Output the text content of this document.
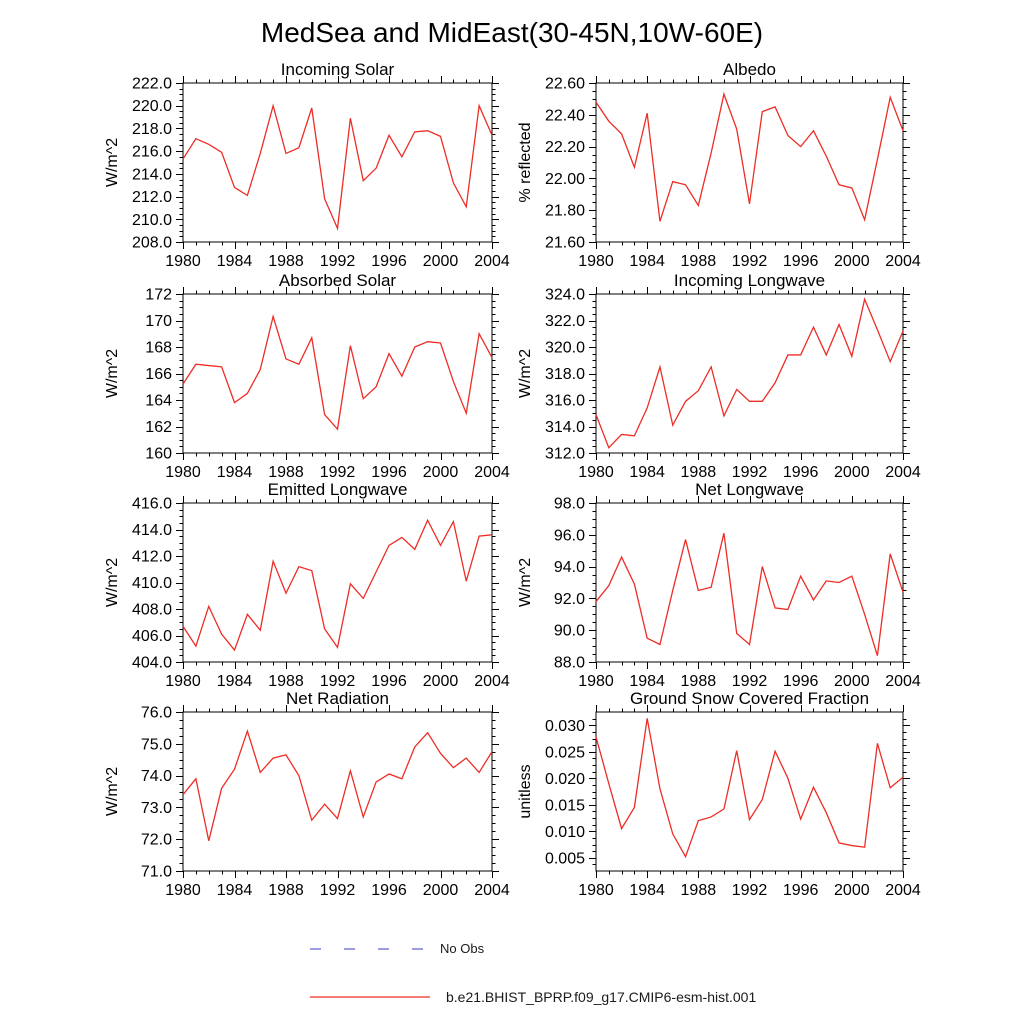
MedSea and MidEast(30-45N,10W-60E)
1980 1984 1988 1992 1996 2000 2004
208.0
210.0
212.0
214.0
216.0
218.0
220.0
222.0
Incoming Solar
W/m^2
1980 1984 1988 1992 1996 2000 2004
21.60
21.80
22.00
22.20
22.40
22.60
Albedo
% reflected
1980 1984 1988 1992 1996 2000 2004
160
162
164
166
168
170
172
Absorbed Solar
W/m^2
1980 1984 1988 1992 1996 2000 2004
312.0
314.0
316.0
318.0
320.0
322.0
324.0
Incoming Longwave
W/m^2
1980 1984 1988 1992 1996 2000 2004
404.0
406.0
408.0
410.0
412.0
414.0
416.0
Emitted Longwave
W/m^2
1980 1984 1988 1992 1996 2000 2004
88.0
90.0
92.0
94.0
96.0
98.0
Net Longwave
W/m^2
1980 1984 1988 1992 1996 2000 2004
71.0
72.0
73.0
74.0
75.0
76.0
Net Radiation
W/m^2
1980 1984 1988 1992 1996 2000 2004
0.005
0.010
0.015
0.020
0.025
0.030
Ground Snow Covered Fraction
unitless
No Obs
b.e21.BHIST_BPRP.f09_g17.CMIP6-esm-hist.001
